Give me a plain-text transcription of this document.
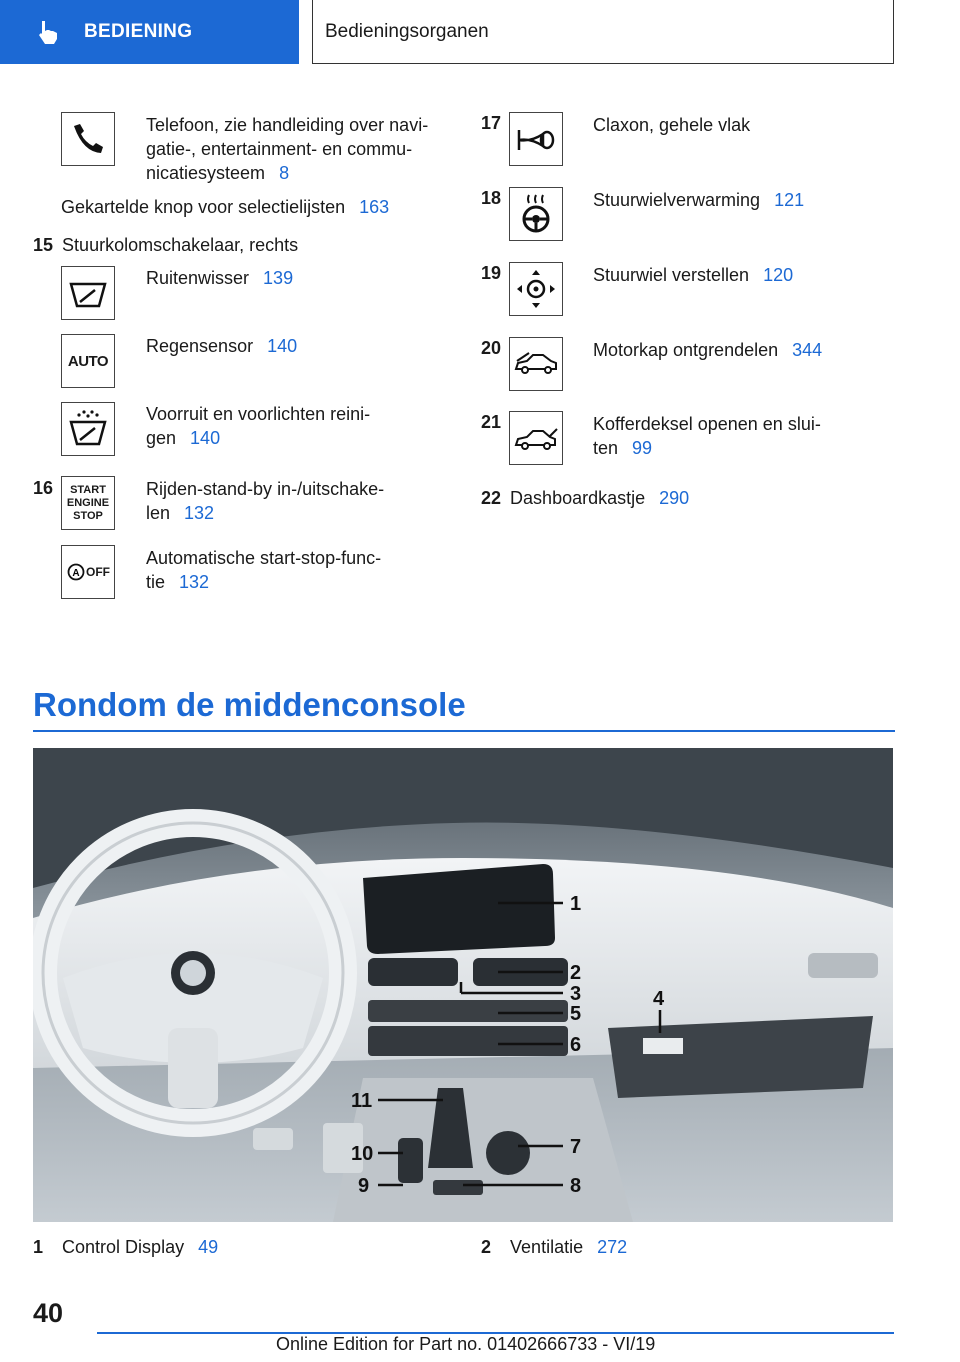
BEDIENING	Bedieningsorganen
Telefoon, zie handleiding over navi-
gatie-, entertainment- en commu-
nicatiesysteem 8
Gekartelde knop voor selectielijsten 163
15 Stuurkolomschakelaar, rechts
Ruitenwisser 139
AUTO
Regensensor 140
Voorruit en voorlichten reini-
gen 140
16 START
ENGINE
STOP
Rijden-stand-by in-/uitschake-
len 132
A OFF
Automatische start-stop-func-
tie 132
17	Claxon, gehele vlak
18	Stuurwielverwarming 121
19	Stuurwiel verstellen 120
20	Motorkap ontgrendelen 344
21	Kofferdeksel openen en slui-
ten 99
22 Dashboardkastje 290
Rondom de middenconsole
1
2
3	4
5
6
7
8
9
10
11
1 Control Display 49	2 Ventilatie 272
40
Online Edition for Part no. 01402666733 - VI/19
